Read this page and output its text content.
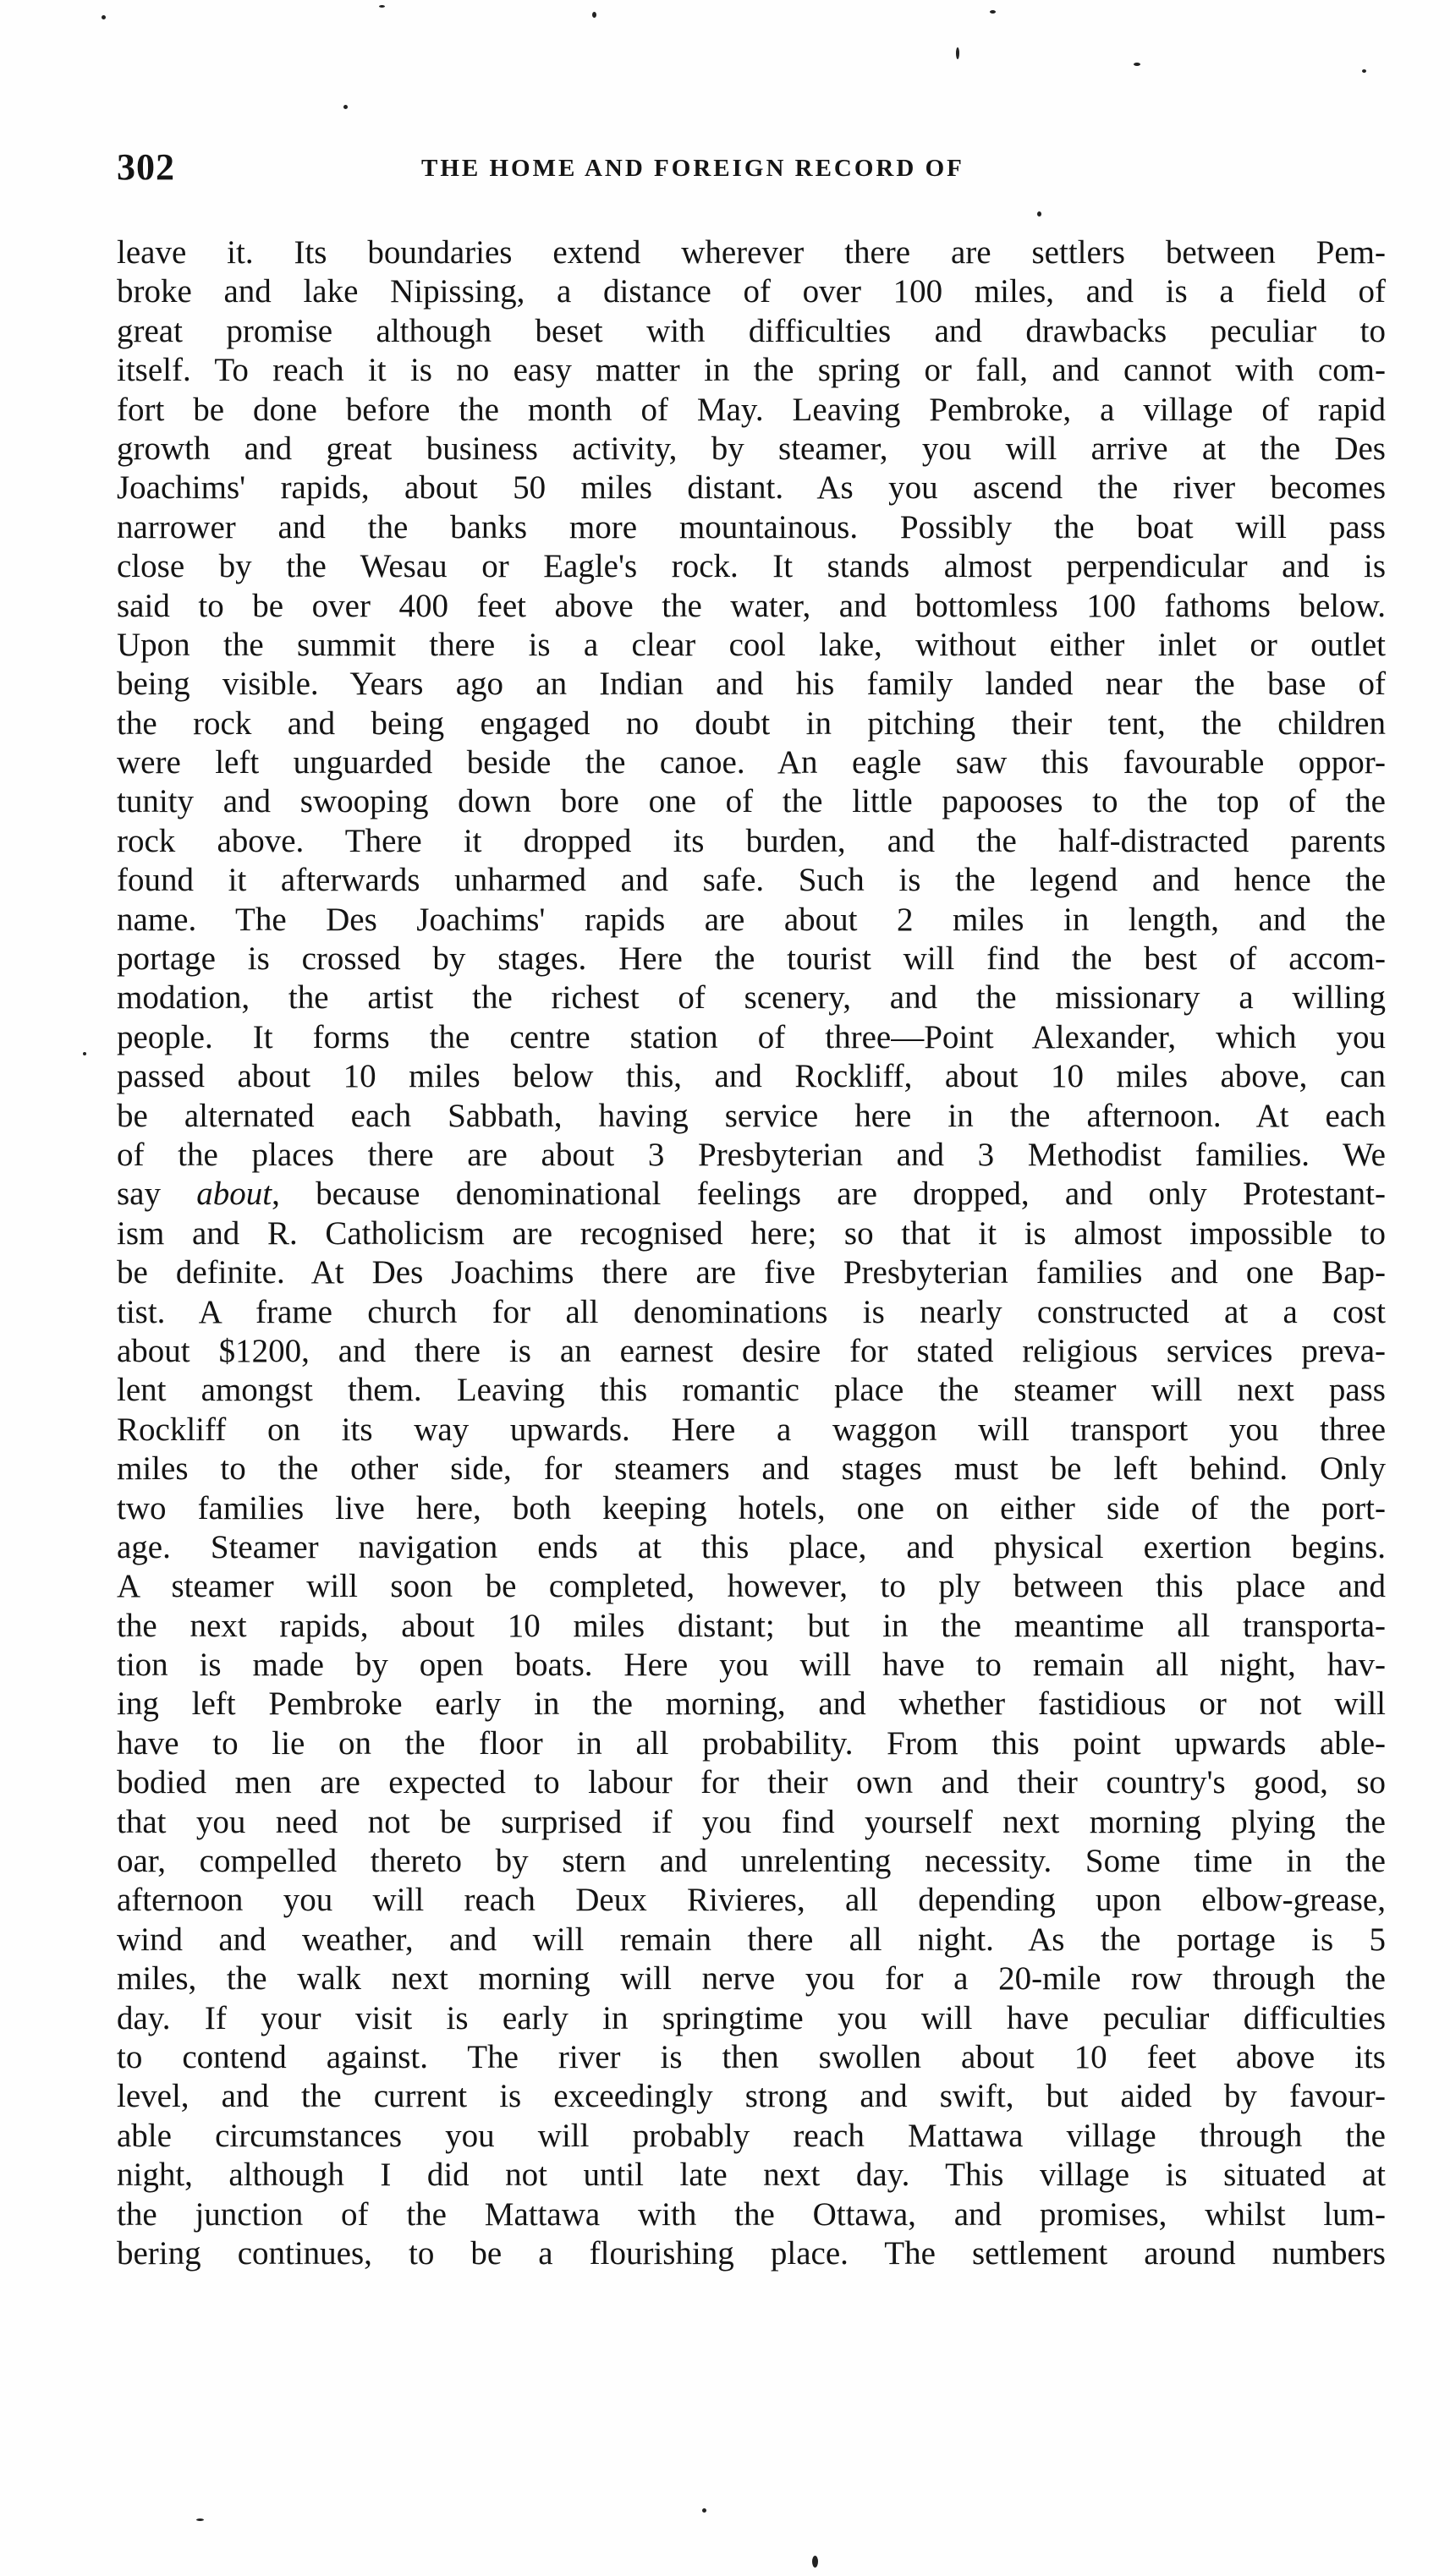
302	THE HOME AND FOREIGN RECORD OF
leave it. Its boundaries extend wherever there are settlers between Pem-
broke and lake Nipissing, a distance of over 100 miles, and is a field of
great promise although beset with difficulties and drawbacks peculiar to
itself. To reach it is no easy matter in the spring or fall, and cannot with com-
fort be done before the month of May. Leaving Pembroke, a village of rapid
growth and great business activity, by steamer, you will arrive at the Des
Joachims' rapids, about 50 miles distant. As you ascend the river becomes
narrower and the banks more mountainous. Possibly the boat will pass
close by the Wesau or Eagle's rock. It stands almost perpendicular and is
said to be over 400 feet above the water, and bottomless 100 fathoms below.
Upon the summit there is a clear cool lake, without either inlet or outlet
being visible. Years ago an Indian and his family landed near the base of
the rock and being engaged no doubt in pitching their tent, the children
were left unguarded beside the canoe. An eagle saw this favourable oppor-
tunity and swooping down bore one of the little papooses to the top of the
rock above. There it dropped its burden, and the half-distracted parents
found it afterwards unharmed and safe. Such is the legend and hence the
name. The Des Joachims' rapids are about 2 miles in length, and the
portage is crossed by stages. Here the tourist will find the best of accom-
modation, the artist the richest of scenery, and the missionary a willing
people. It forms the centre station of three—Point Alexander, which you
passed about 10 miles below this, and Rockliff, about 10 miles above, can
be alternated each Sabbath, having service here in the afternoon. At each
of the places there are about 3 Presbyterian and 3 Methodist families. We
say about, because denominational feelings are dropped, and only Protestant-
ism and R. Catholicism are recognised here; so that it is almost impossible to
be definite. At Des Joachims there are five Presbyterian families and one Bap-
tist. A frame church for all denominations is nearly constructed at a cost
about $1200, and there is an earnest desire for stated religious services preva-
lent amongst them. Leaving this romantic place the steamer will next pass
Rockliff on its way upwards. Here a waggon will transport you three
miles to the other side, for steamers and stages must be left behind. Only
two families live here, both keeping hotels, one on either side of the port-
age. Steamer navigation ends at this place, and physical exertion begins.
A steamer will soon be completed, however, to ply between this place and
the next rapids, about 10 miles distant; but in the meantime all transporta-
tion is made by open boats. Here you will have to remain all night, hav-
ing left Pembroke early in the morning, and whether fastidious or not will
have to lie on the floor in all probability. From this point upwards able-
bodied men are expected to labour for their own and their country's good, so
that you need not be surprised if you find yourself next morning plying the
oar, compelled thereto by stern and unrelenting necessity. Some time in the
afternoon you will reach Deux Rivieres, all depending upon elbow-grease,
wind and weather, and will remain there all night. As the portage is 5
miles, the walk next morning will nerve you for a 20-mile row through the
day. If your visit is early in springtime you will have peculiar difficulties
to contend against. The river is then swollen about 10 feet above its
level, and the current is exceedingly strong and swift, but aided by favour-
able circumstances you will probably reach Mattawa village through the
night, although I did not until late next day. This village is situated at
the junction of the Mattawa with the Ottawa, and promises, whilst lum-
bering continues, to be a flourishing place. The settlement around numbers
